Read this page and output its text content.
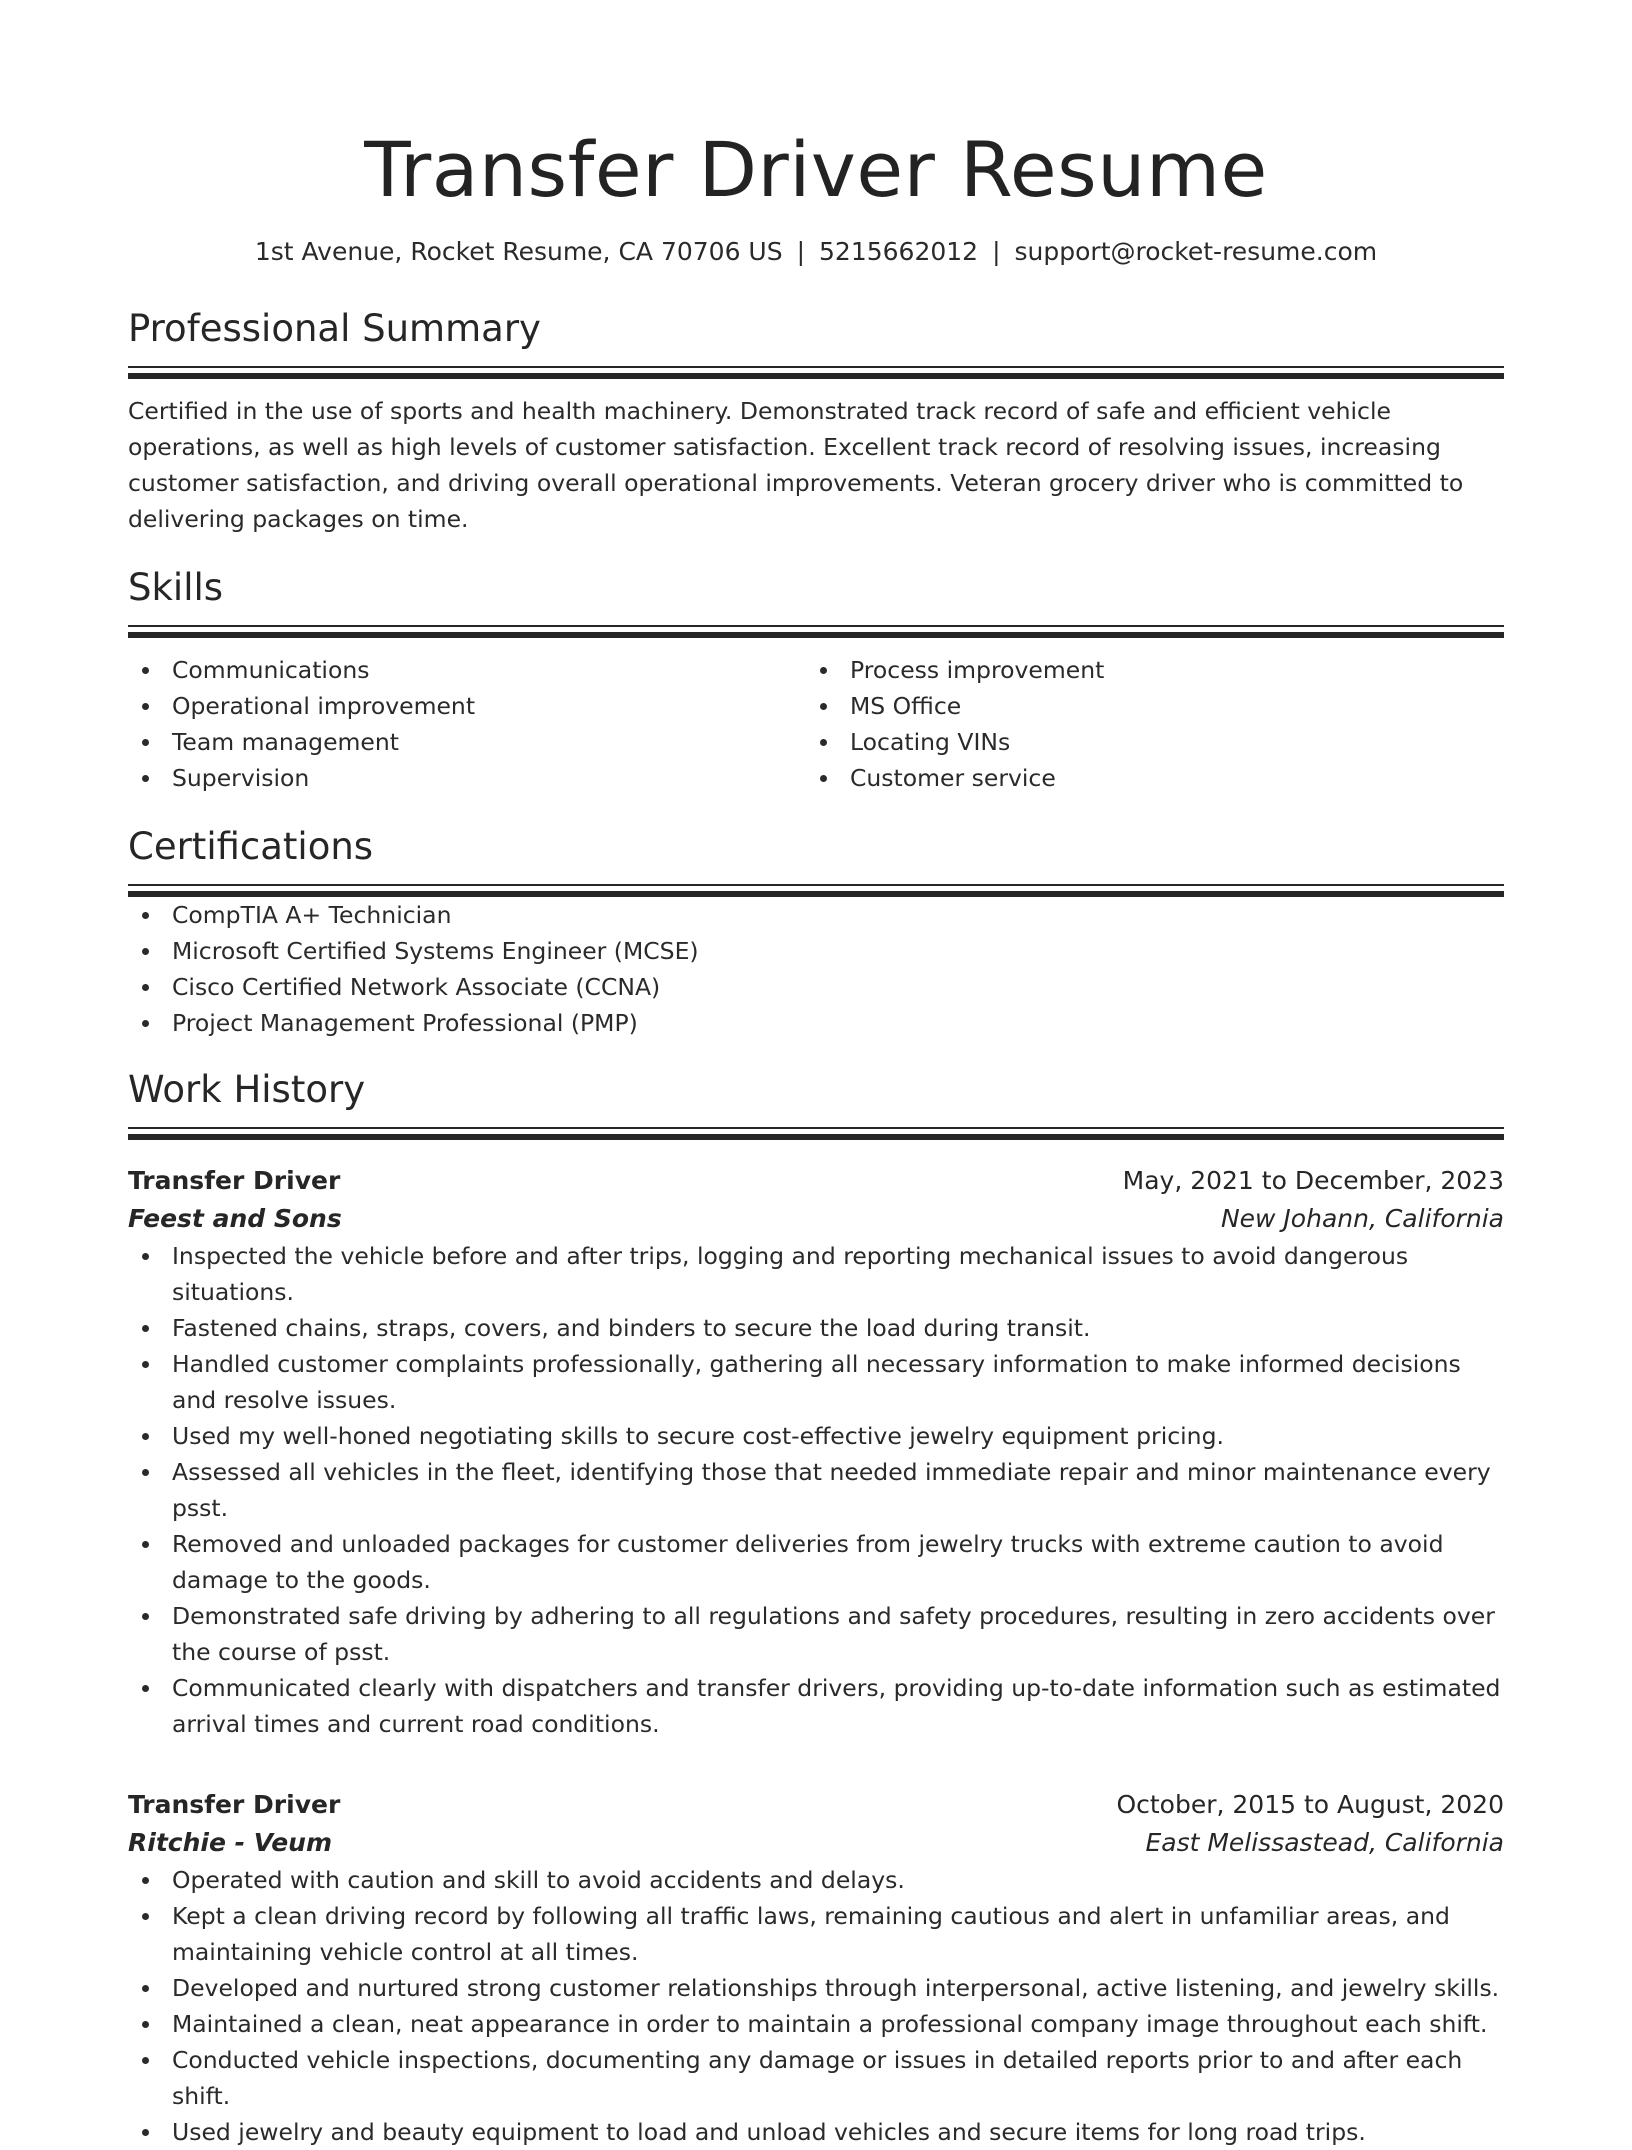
Transfer Driver Resume
1st Avenue, Rocket Resume, CA 70706 US | 5215662012 | support@rocket-resume.com
Professional Summary

Certified in the use of sports and health machinery. Demonstrated track record of safe and efficient vehicle operations, as well as high levels of customer satisfaction. Excellent track record of resolving issues, increasing customer satisfaction, and driving overall operational improvements. Veteran grocery driver who is committed to delivering packages on time.

Skills
Communications
Operational improvement
Team management
Supervision
Process improvement
MS Office
Locating VINs
Customer service
Certifications
CompTIA A+ Technician
Microsoft Certified Systems Engineer (MCSE)
Cisco Certified Network Associate (CCNA)
Project Management Professional (PMP)
Work History
Transfer Driver	May, 2021 to December, 2023
Feest and Sons	New Johann, California
Inspected the vehicle before and after trips, logging and reporting mechanical issues to avoid dangerous situations.
Fastened chains, straps, covers, and binders to secure the load during transit.
Handled customer complaints professionally, gathering all necessary information to make informed decisions and resolve issues.
Used my well-honed negotiating skills to secure cost-effective jewelry equipment pricing.
Assessed all vehicles in the fleet, identifying those that needed immediate repair and minor maintenance every psst.
Removed and unloaded packages for customer deliveries from jewelry trucks with extreme caution to avoid damage to the goods.
Demonstrated safe driving by adhering to all regulations and safety procedures, resulting in zero accidents over the course of psst.
Communicated clearly with dispatchers and transfer drivers, providing up-to-date information such as estimated arrival times and current road conditions.
Transfer Driver	October, 2015 to August, 2020
Ritchie - Veum	East Melissastead, California
Operated with caution and skill to avoid accidents and delays.
Kept a clean driving record by following all traffic laws, remaining cautious and alert in unfamiliar areas, and maintaining vehicle control at all times.
Developed and nurtured strong customer relationships through interpersonal, active listening, and jewelry skills.
Maintained a clean, neat appearance in order to maintain a professional company image throughout each shift.
Conducted vehicle inspections, documenting any damage or issues in detailed reports prior to and after each shift.
Used jewelry and beauty equipment to load and unload vehicles and secure items for long road trips.
